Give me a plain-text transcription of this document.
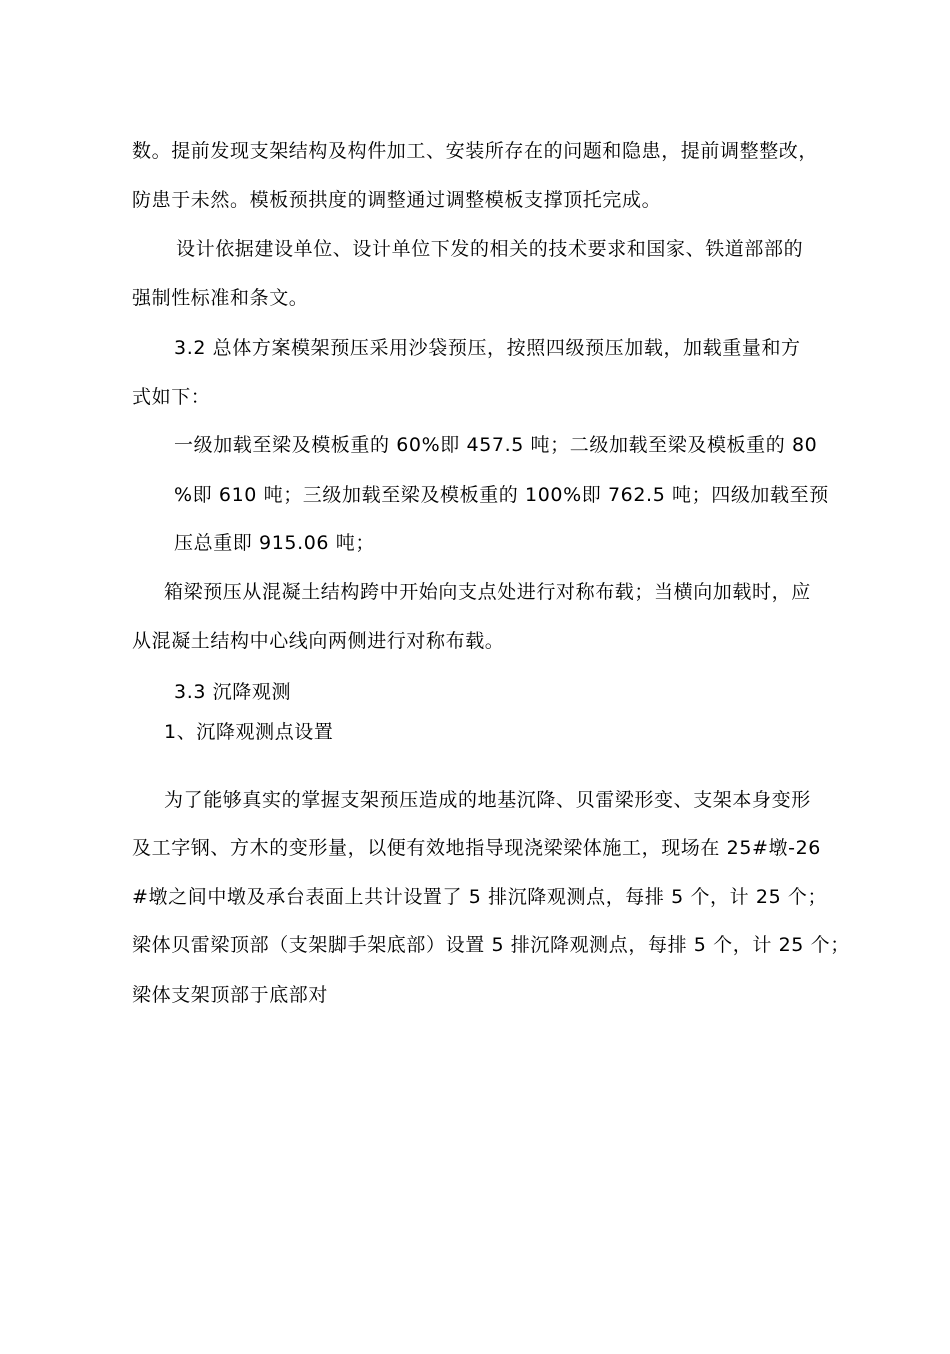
数。提前发现支架结构及构件加工、安装所存在的问题和隐患，提前调整整改，

防患于未然。模板预拱度的调整通过调整模板支撑顶托完成。

设计依据建设单位、设计单位下发的相关的技术要求和国家、铁道部部的

强制性标准和条文。

3.2 总体方案模架预压采用沙袋预压，按照四级预压加载，加载重量和方

式如下：

一级加载至梁及模板重的 60%即 457.5 吨；二级加载至梁及模板重的 80

%即 610 吨；三级加载至梁及模板重的 100%即 762.5 吨；四级加载至预

压总重即 915.06 吨；

箱梁预压从混凝土结构跨中开始向支点处进行对称布载；当横向加载时，应

从混凝土结构中心线向两侧进行对称布载。

3.3 沉降观测

1、沉降观测点设置

为了能够真实的掌握支架预压造成的地基沉降、贝雷梁形变、支架本身变形

及工字钢、方木的变形量，以便有效地指导现浇梁梁体施工，现场在 25#墩-26

#墩之间中墩及承台表面上共计设置了 5 排沉降观测点，每排 5 个，计 25 个；

梁体贝雷梁顶部（支架脚手架底部）设置 5 排沉降观测点，每排 5 个，计 25 个；

梁体支架顶部于底部对
